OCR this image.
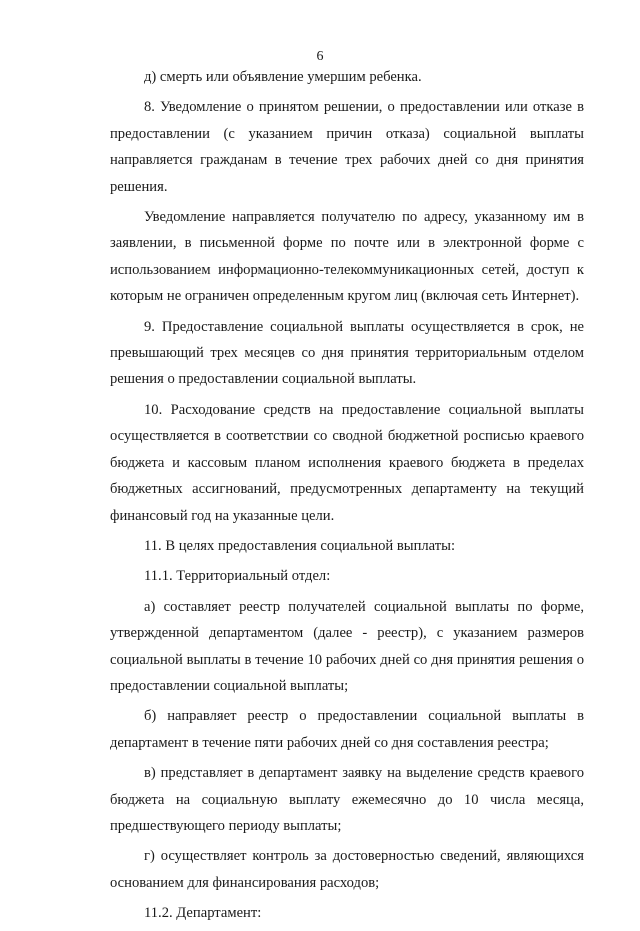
6

д) смерть или объявление умершим ребенка.

8. Уведомление о принятом решении, о предоставлении или отказе в предоставлении (с указанием причин отказа) социальной выплаты направляется гражданам в течение трех рабочих дней со дня принятия решения.

Уведомление направляется получателю по адресу, указанному им в заявлении, в письменной форме по почте или в электронной форме с использованием информационно-телекоммуникационных сетей, доступ к которым не ограничен определенным кругом лиц (включая сеть Интернет).

9. Предоставление социальной выплаты осуществляется в срок, не превышающий трех месяцев со дня принятия территориальным отделом решения о предоставлении социальной выплаты.

10. Расходование средств на предоставление социальной выплаты осуществляется в соответствии со сводной бюджетной росписью краевого бюджета и кассовым планом исполнения краевого бюджета в пределах бюджетных ассигнований, предусмотренных департаменту на текущий финансовый год на указанные цели.

11. В целях предоставления социальной выплаты:

11.1. Территориальный отдел:

а) составляет реестр получателей социальной выплаты по форме, утвержденной департаментом (далее - реестр), с указанием размеров социальной выплаты в течение 10 рабочих дней со дня принятия решения о предоставлении социальной выплаты;

б) направляет реестр о предоставлении социальной выплаты в департамент в течение пяти рабочих дней со дня составления реестра;

в) представляет в департамент заявку на выделение средств краевого бюджета на социальную выплату ежемесячно до 10 числа месяца, предшествующего периоду выплаты;

г) осуществляет контроль за достоверностью сведений, являющихся основанием для финансирования расходов;

11.2. Департамент:
